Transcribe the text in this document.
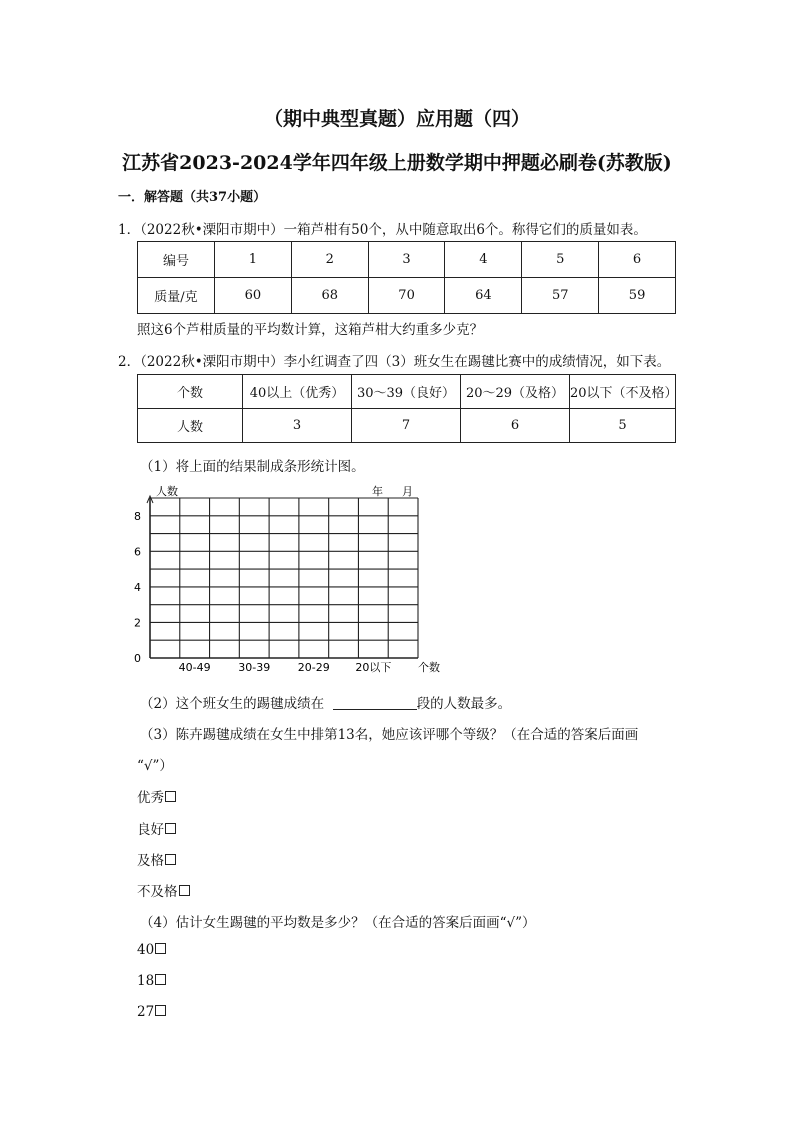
（期中典型真题）应用题（四）
江苏省2023-2024学年四年级上册数学期中押题必刷卷(苏教版)
一．解答题（共37小题）
1．（2022秋•溧阳市期中）一箱芦柑有50个，从中随意取出6个。称得它们的质量如表。
编号	1	2	3	4	5	6
质量/克	60	68	70	64	57	59
照这6个芦柑质量的平均数计算，这箱芦柑大约重多少克？
2．（2022秋•溧阳市期中）李小红调查了四（3）班女生在踢毽比赛中的成绩情况，如下表。
个数	40以上（优秀）	30～39（良好）	20～29（及格）	20以下（不及格）
人数	3	7	6	5
（1）将上面的结果制成条形统计图。
0
2
4
6
8
40-49	30-39	20-29 20以下
人数	年 月
个数
（2）这个班女生的踢毽成绩在	段的人数最多。
（3）陈卉踢毽成绩在女生中排第13名，她应该评哪个等级？（在合适的答案后面画
“√”）
优秀
良好
及格
不及格
（4）估计女生踢毽的平均数是多少？（在合适的答案后面画“√”）
40
18
27
